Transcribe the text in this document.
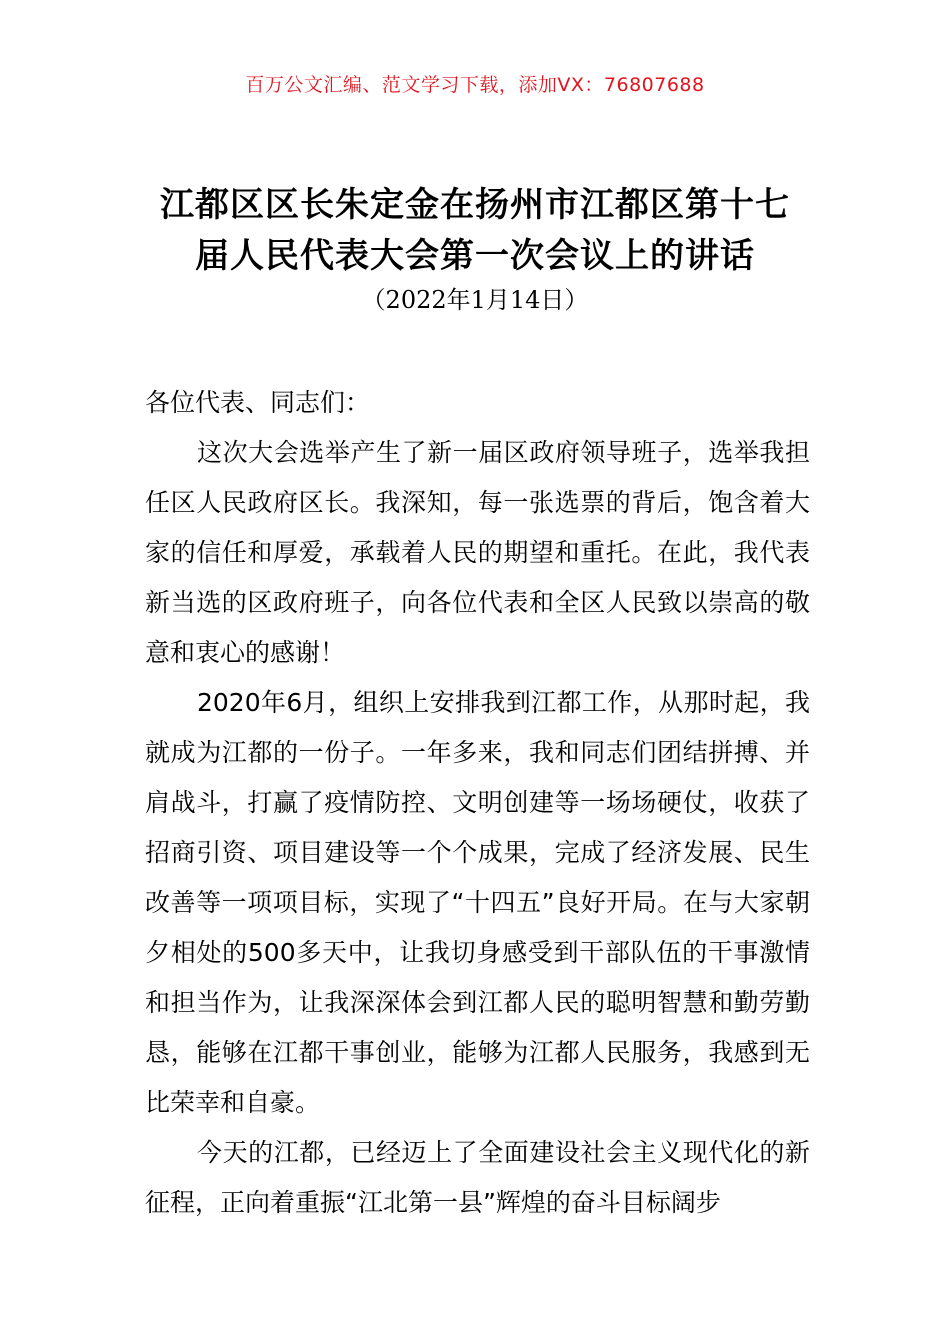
百万公文汇编、范文学习下载，添加VX：76807688
江都区区长朱定金在扬州市江都区第十七
届人民代表大会第一次会议上的讲话
（2022年1月14日）

各位代表、同志们：

这次大会选举产生了新一届区政府领导班子，选举我担任区人民政府区长。我深知，每一张选票的背后，饱含着大家的信任和厚爱，承载着人民的期望和重托。在此，我代表新当选的区政府班子，向各位代表和全区人民致以崇高的敬意和衷心的感谢！

2020年6月，组织上安排我到江都工作，从那时起，我就成为江都的一份子。一年多来，我和同志们团结拼搏、并肩战斗，打赢了疫情防控、文明创建等一场场硬仗，收获了招商引资、项目建设等一个个成果，完成了经济发展、民生改善等一项项目标，实现了“十四五”良好开局。在与大家朝夕相处的500多天中，让我切身感受到干部队伍的干事激情和担当作为，让我深深体会到江都人民的聪明智慧和勤劳勤恳，能够在江都干事创业，能够为江都人民服务，我感到无比荣幸和自豪。

今天的江都，已经迈上了全面建设社会主义现代化的新征程，正向着重振“江北第一县”辉煌的奋斗目标阔步
